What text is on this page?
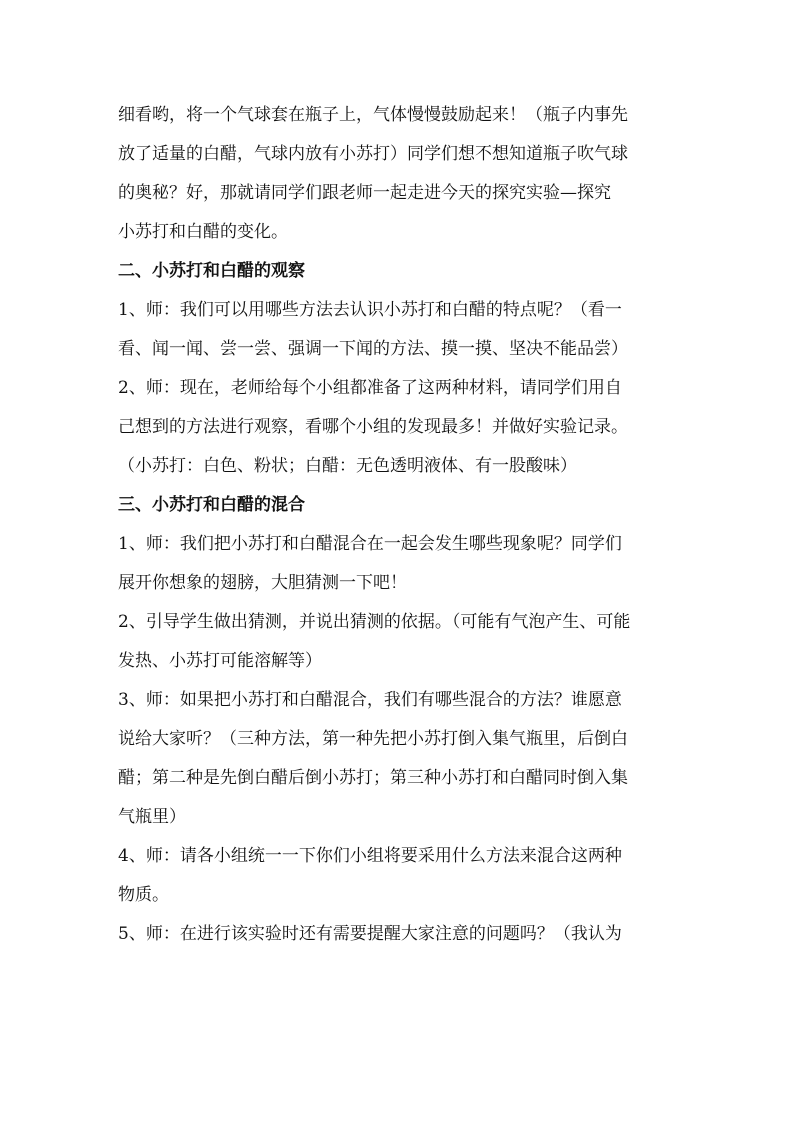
细看哟，将一个气球套在瓶子上，气体慢慢鼓励起来！（瓶子内事先
放了适量的白醋，气球内放有小苏打）同学们想不想知道瓶子吹气球
的奥秘？好，那就请同学们跟老师一起走进今天的探究实验—探究
小苏打和白醋的变化。
二、小苏打和白醋的观察
1、师：我们可以用哪些方法去认识小苏打和白醋的特点呢？（看一
看、闻一闻、尝一尝、强调一下闻的方法、摸一摸、坚决不能品尝）
2、师：现在，老师给每个小组都准备了这两种材料，请同学们用自
己想到的方法进行观察，看哪个小组的发现最多！并做好实验记录。
（小苏打：白色、粉状；白醋：无色透明液体、有一股酸味）
三、小苏打和白醋的混合
1、师：我们把小苏打和白醋混合在一起会发生哪些现象呢？同学们
展开你想象的翅膀，大胆猜测一下吧！
2、引导学生做出猜测，并说出猜测的依据。（可能有气泡产生、可能
发热、小苏打可能溶解等）
3、师：如果把小苏打和白醋混合，我们有哪些混合的方法？谁愿意
说给大家听？（三种方法，第一种先把小苏打倒入集气瓶里，后倒白
醋；第二种是先倒白醋后倒小苏打；第三种小苏打和白醋同时倒入集
气瓶里）
4、师：请各小组统一一下你们小组将要采用什么方法来混合这两种
物质。
5、师：在进行该实验时还有需要提醒大家注意的问题吗？（我认为
